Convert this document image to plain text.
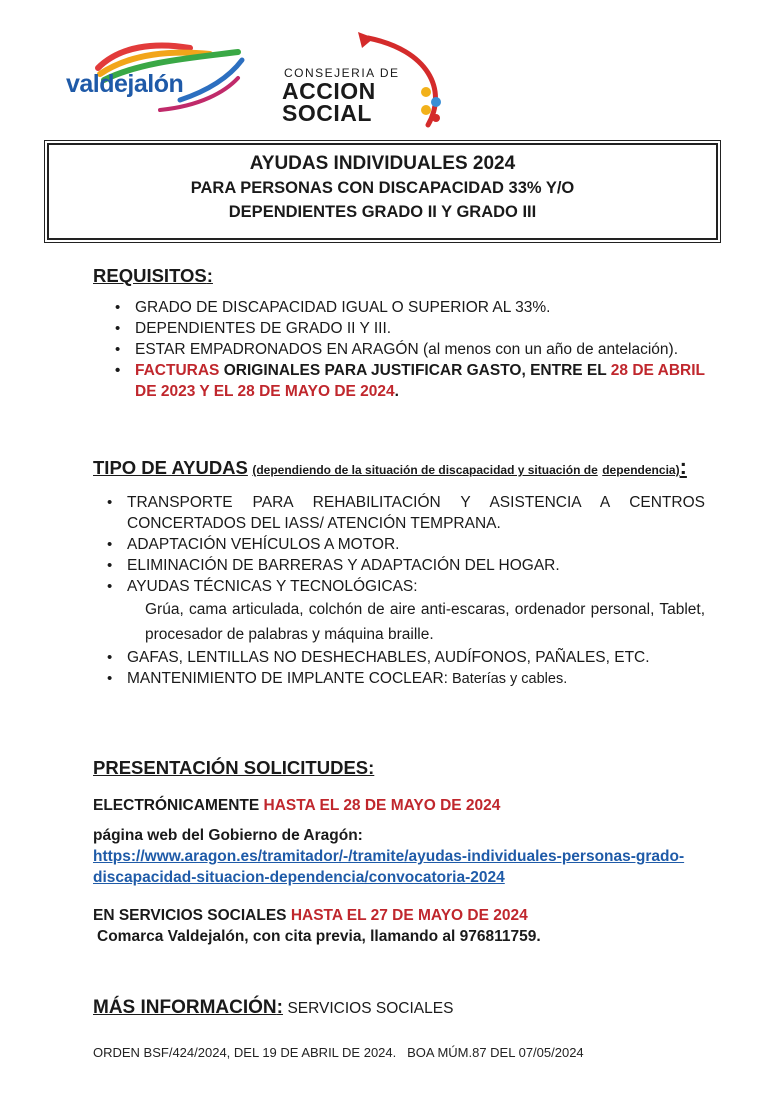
valdejalón	CONSEJERIA DE
ACCION
SOCIAL
AYUDAS INDIVIDUALES 2024
PARA PERSONAS CON DISCAPACIDAD 33% Y/O
DEPENDIENTES GRADO II Y GRADO III
REQUISITOS:
• GRADO DE DISCAPACIDAD IGUAL O SUPERIOR AL 33%.
• DEPENDIENTES DE GRADO II Y III.
• ESTAR EMPADRONADOS EN ARAGÓN (al menos con un año de antelación).
• FACTURAS ORIGINALES PARA JUSTIFICAR GASTO, ENTRE EL 28 DE ABRIL DE 2023 Y EL 28 DE MAYO DE 2024.
TIPO DE AYUDAS (dependiendo de la situación de discapacidad y situación de dependencia):
• TRANSPORTE PARA REHABILITACIÓN Y ASISTENCIA A CENTROS CONCERTADOS DEL IASS/ ATENCIÓN TEMPRANA.
• ADAPTACIÓN VEHÍCULOS A MOTOR.
• ELIMINACIÓN DE BARRERAS Y ADAPTACIÓN DEL HOGAR.
• AYUDAS TÉCNICAS Y TECNOLÓGICAS:
Grúa, cama articulada, colchón de aire anti-escaras, ordenador personal, Tablet, procesador de palabras y máquina braille.
• GAFAS, LENTILLAS NO DESHECHABLES, AUDÍFONOS, PAÑALES, ETC.
• MANTENIMIENTO DE IMPLANTE COCLEAR: Baterías y cables.
PRESENTACIÓN SOLICITUDES:
ELECTRÓNICAMENTE HASTA EL 28 DE MAYO DE 2024
página web del Gobierno de Aragón:
https://www.aragon.es/tramitador/-/tramite/ayudas-individuales-personas-grado-discapacidad-situacion-dependencia/convocatoria-2024
EN SERVICIOS SOCIALES HASTA EL 27 DE MAYO DE 2024
Comarca Valdejalón, con cita previa, llamando al 976811759.
MÁS INFORMACIÓN: SERVICIOS SOCIALES
ORDEN BSF/424/2024, DEL 19 DE ABRIL DE 2024. BOA MÚM.87 DEL 07/05/2024
